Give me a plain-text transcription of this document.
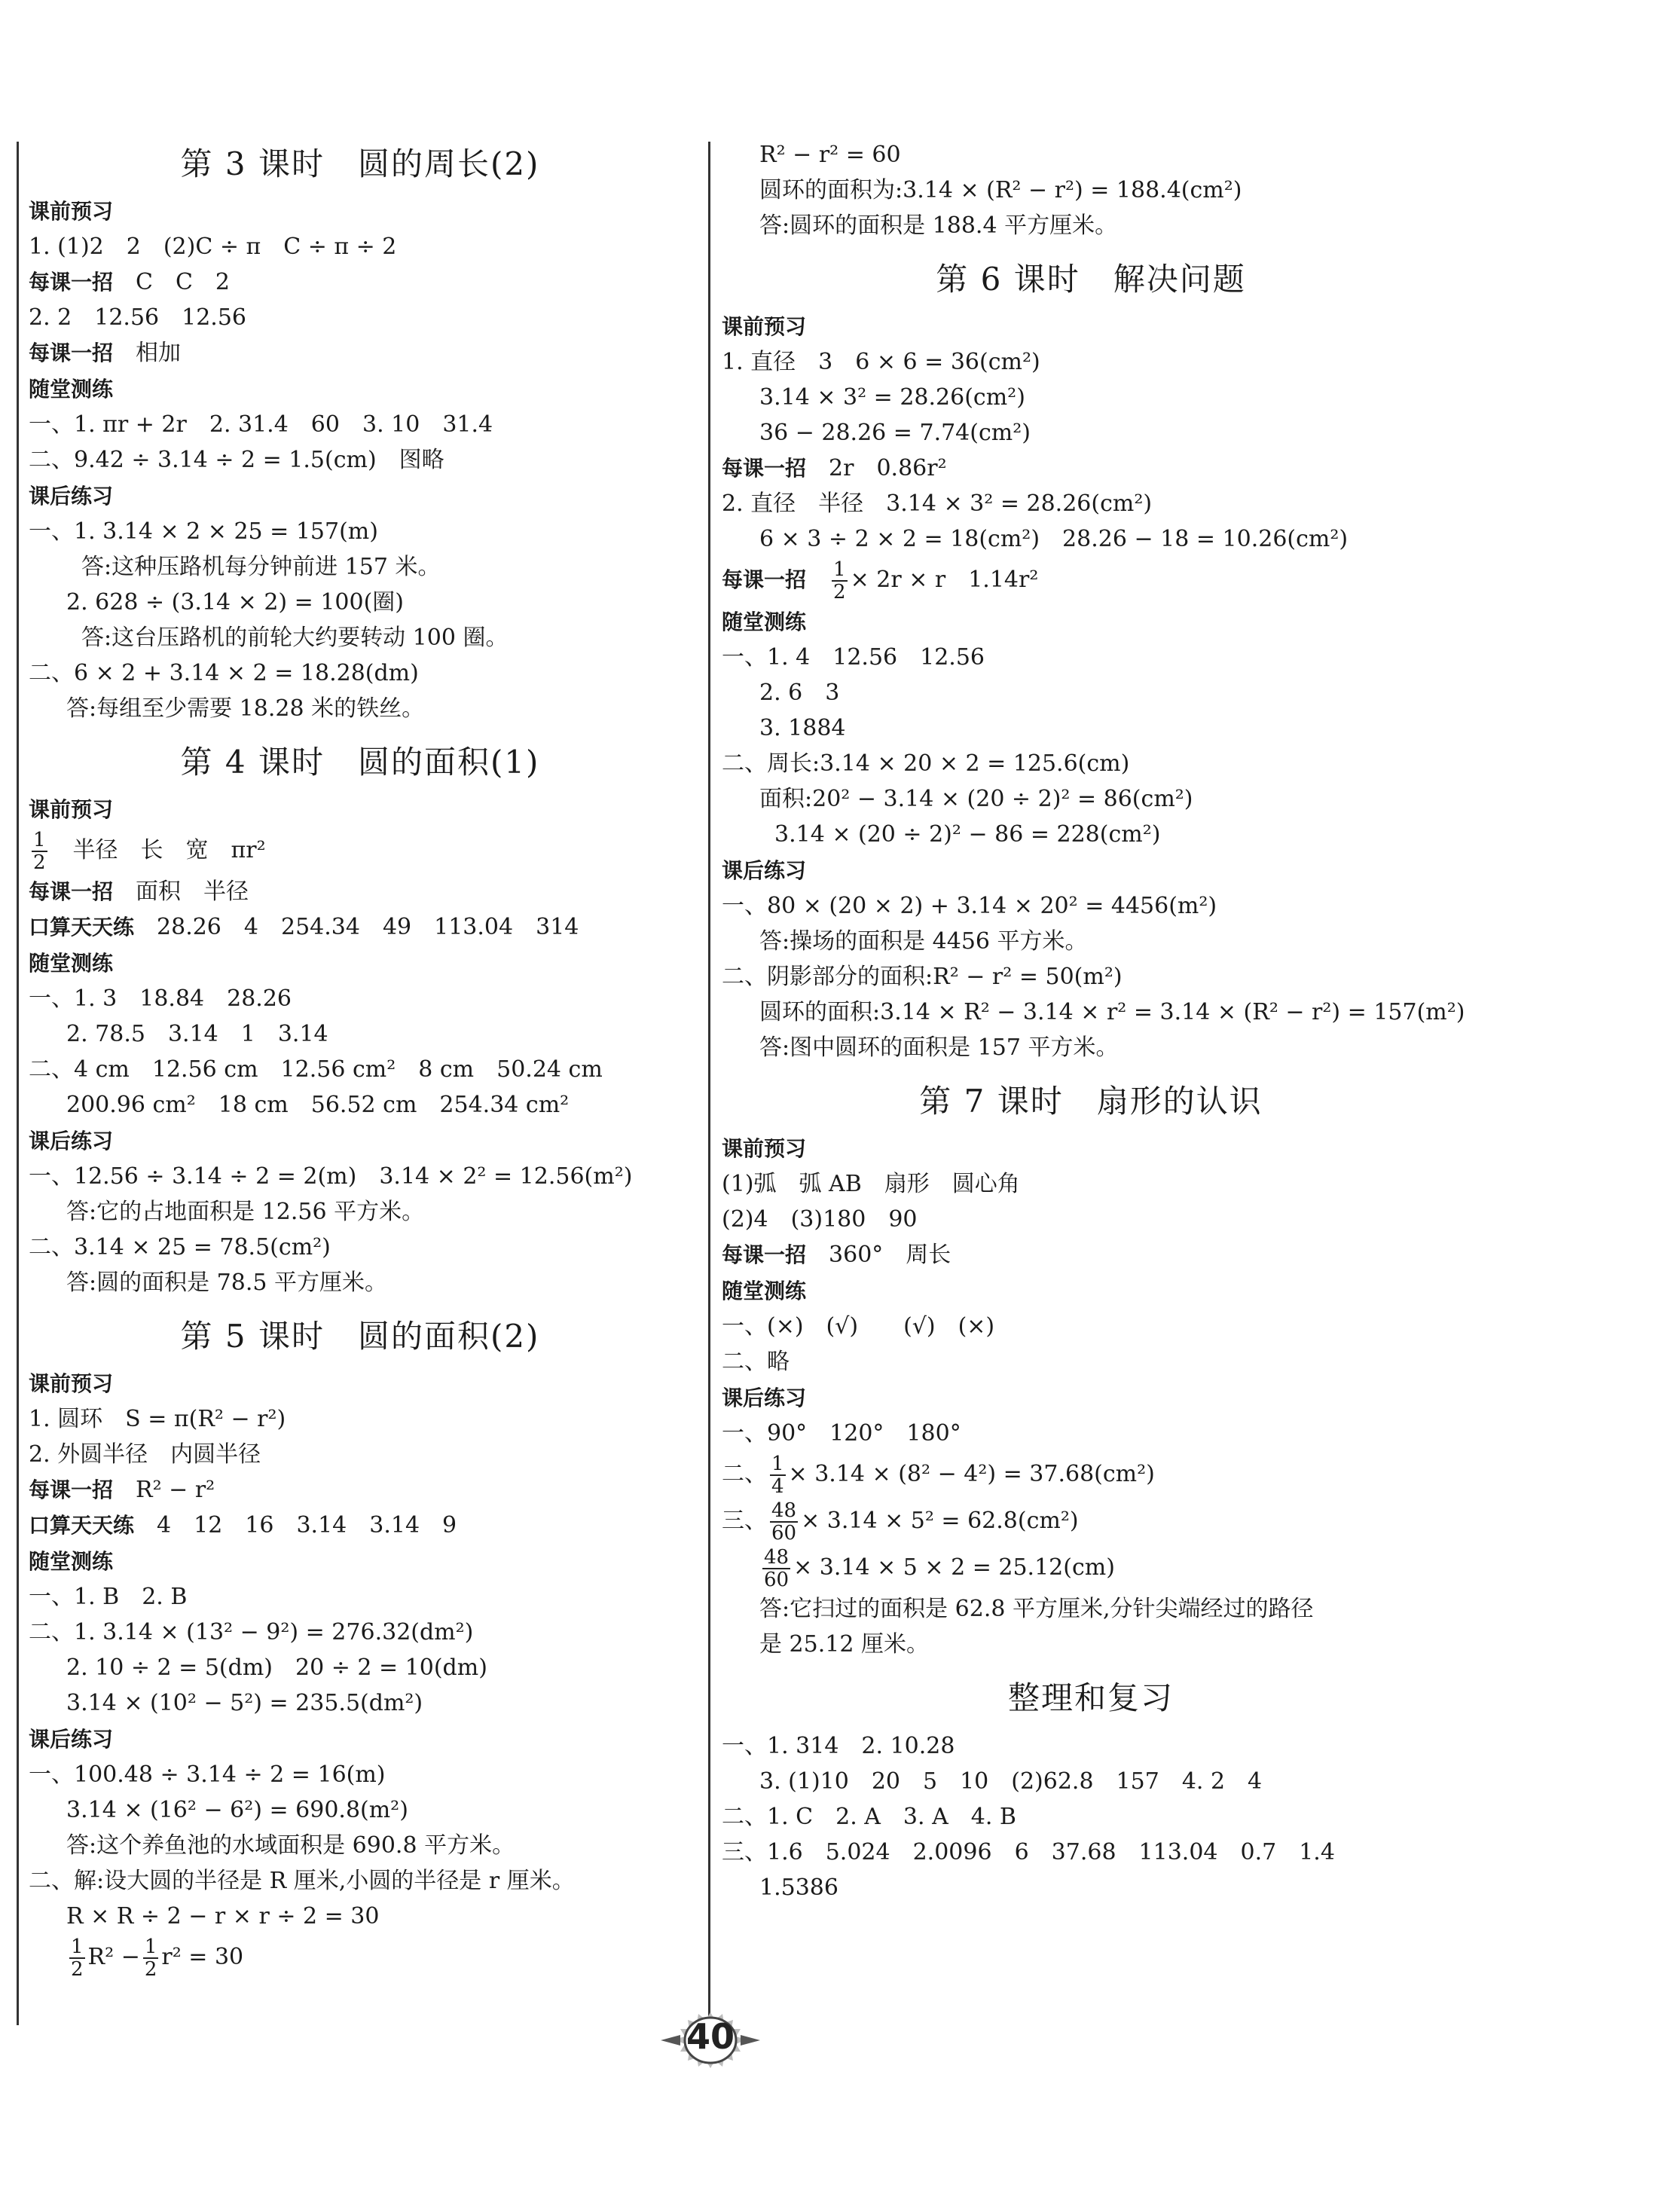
第 3 课时　圆的周长(2)
课前预习
1. (1)2　2　(2)C ÷ π　C ÷ π ÷ 2
每课一招　C　C　2
2. 2　12.56　12.56
每课一招　相加
随堂测练
一、1. πr + 2r　2. 31.4　60　3. 10　31.4
二、9.42 ÷ 3.14 ÷ 2 = 1.5(cm)　图略
课后练习
一、1. 3.14 × 2 × 25 = 157(m)
答:这种压路机每分钟前进 157 米。
2. 628 ÷ (3.14 × 2) = 100(圈)
答:这台压路机的前轮大约要转动 100 圈。
二、6 × 2 + 3.14 × 2 = 18.28(dm)
答:每组至少需要 18.28 米的铁丝。
第 4 课时　圆的面积(1)
课前预习
$\frac{1}{2}$ 　半径　长　宽　πr²
每课一招　面积　半径
口算天天练　28.26　4　254.34　49　113.04　314
随堂测练
一、1. 3　18.84　28.26
2. 78.5　3.14　1　3.14
二、4 cm　12.56 cm　12.56 cm²　8 cm　50.24 cm
200.96 cm²　18 cm　56.52 cm　254.34 cm²
课后练习
一、12.56 ÷ 3.14 ÷ 2 = 2(m)　3.14 × 2² = 12.56(m²)
答:它的占地面积是 12.56 平方米。
二、3.14 × 25 = 78.5(cm²)
答:圆的面积是 78.5 平方厘米。
第 5 课时　圆的面积(2)
课前预习
1. 圆环　S = π(R² − r²)
2. 外圆半径　内圆半径
每课一招　R² − r²
口算天天练　4　12　16　3.14　3.14　9
随堂测练
一、1. B　2. B
二、1. 3.14 × (13² − 9²) = 276.32(dm²)
2. 10 ÷ 2 = 5(dm)　20 ÷ 2 = 10(dm)
3.14 × (10² − 5²) = 235.5(dm²)
课后练习
一、100.48 ÷ 3.14 ÷ 2 = 16(m)
3.14 × (16² − 6²) = 690.8(m²)
答:这个养鱼池的水域面积是 690.8 平方米。
二、解:设大圆的半径是 R 厘米,小圆的半径是 r 厘米。
R × R ÷ 2 − r × r ÷ 2 = 30
$\frac{1}{2} R^2 - \frac{1}{2} r^2 = 30$
R² − r² = 60
圆环的面积为:3.14 × (R² − r²) = 188.4(cm²)
答:圆环的面积是 188.4 平方厘米。
第 6 课时　解决问题
课前预习
1. 直径　3　6 × 6 = 36(cm²)
3.14 × 3² = 28.26(cm²)
36 − 28.26 = 7.74(cm²)
每课一招　2r　0.86r²
2. 直径　半径　3.14 × 3² = 28.26(cm²)
6 × 3 ÷ 2 × 2 = 18(cm²)　28.26 − 18 = 10.26(cm²)
每课一招　 $\frac{1}{2} \times 2r \times r$　1.14r²
随堂测练
一、1. 4　12.56　12.56
2. 6　3
3. 1884
二、周长:3.14 × 20 × 2 = 125.6(cm)
面积:20² − 3.14 × (20 ÷ 2)² = 86(cm²)
3.14 × (20 ÷ 2)² − 86 = 228(cm²)
课后练习
一、80 × (20 × 2) + 3.14 × 20² = 4456(m²)
答:操场的面积是 4456 平方米。
二、阴影部分的面积:R² − r² = 50(m²)
圆环的面积:3.14 × R² − 3.14 × r² = 3.14 × (R² − r²) = 157(m²)
答:图中圆环的面积是 157 平方米。
第 7 课时　扇形的认识
课前预习
(1)弧　弧 AB　扇形　圆心角
(2)4　(3)180　90
每课一招　360°　周长
随堂测练
一、(×)　(√)　　(√)　(×)
二、略
课后练习
一、90°　120°　180°
二、 $\frac{1}{4} \times 3.14 \times (8^2 - 4^2) = 37.68(cm^2)$
三、 $\frac{48}{60} \times 3.14 \times 5^2 = 62.8(cm^2)$
$\frac{48}{60} \times 3.14 \times 5 \times 2 = 25.12(cm)$
答:它扫过的面积是 62.8 平方厘米,分针尖端经过的路径
是 25.12 厘米。
整理和复习
一、1. 314　2. 10.28
3. (1)10　20　5　10　(2)62.8　157　4. 2　4
二、1. C　2. A　3. A　4. B
三、1.6　5.024　2.0096　6　37.68　113.04　0.7　1.4
1.5386
40
